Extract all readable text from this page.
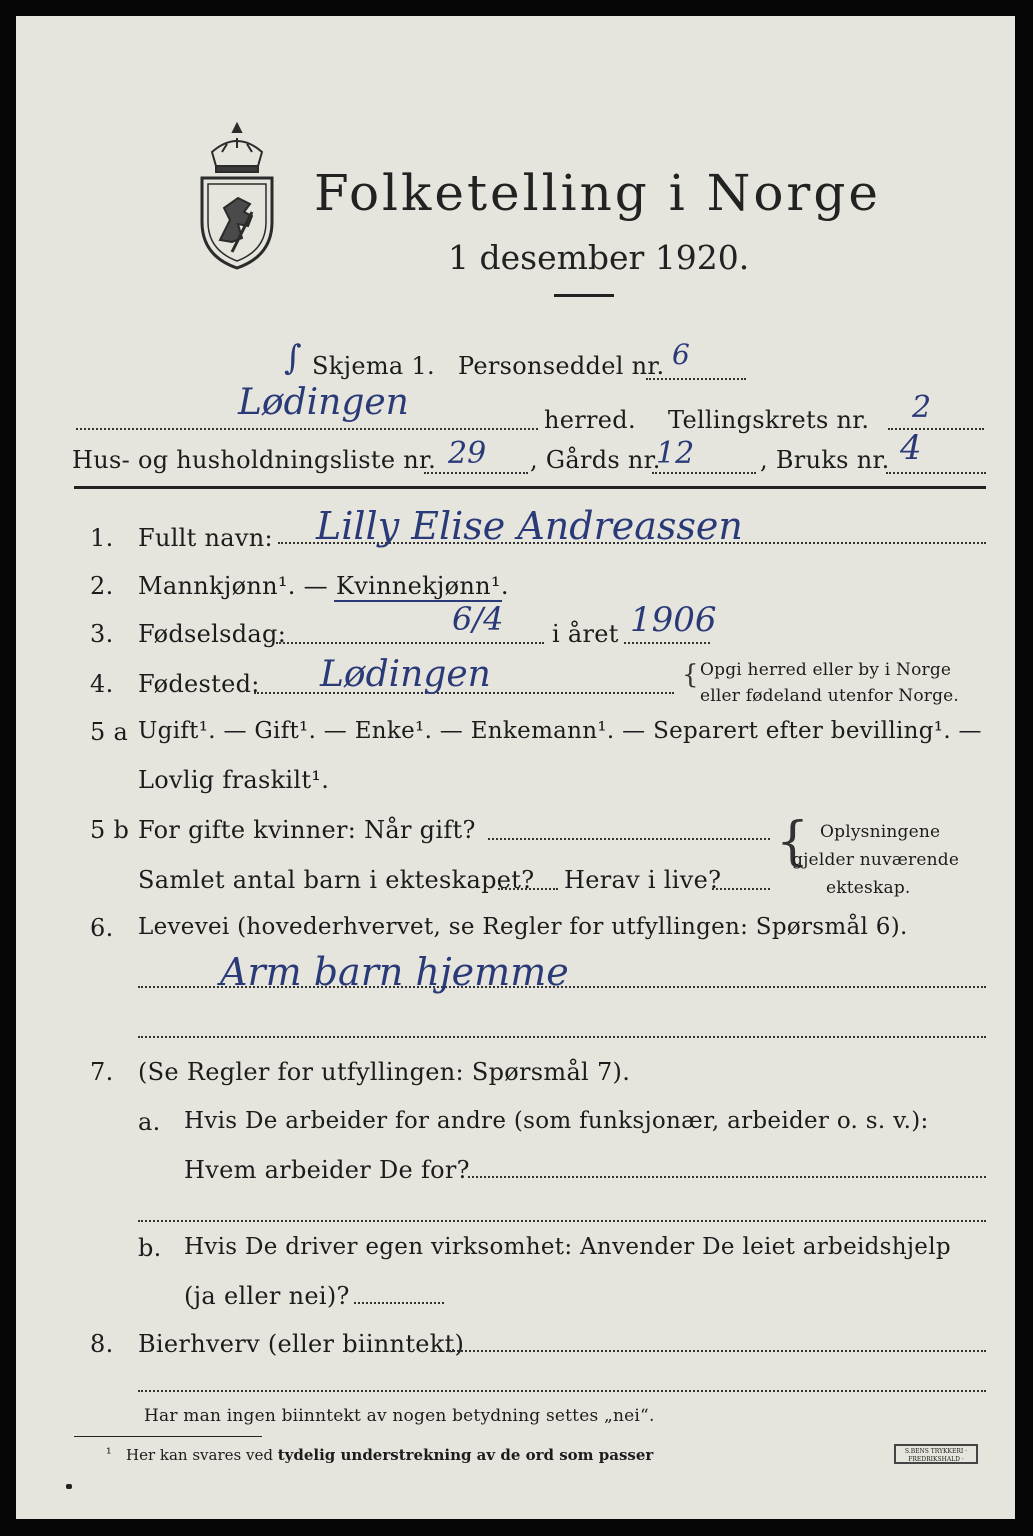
Folketelling i Norge
1 desember 1920.
∫ Skjema 1. Personseddel nr. 6
Lødingen	herred. Tellingskrets nr. 2
Hus- og husholdningsliste nr. 29 , Gårds nr.
12	, Bruks nr. 4
1. Fullt navn: Lilly Elise Andreassen
2. Mannkjønn¹. — Kvinnekjønn¹.
3. Fødselsdag:	6/4 i året 1906
4. Fødested: Lødingen	{ Opgi herred eller by i Norge
eller fødeland utenfor Norge.
5 a Ugift¹. — Gift¹. — Enke¹. — Enkemann¹. — Separert efter bevilling¹. —
Lovlig fraskilt¹.
5 b For gifte kvinner: Når gift?
Samlet antal barn i ekteskapet? Herav i live?
{ Oplysningene
gjelder nuværende
ekteskap.
6. Levevei (hovederhvervet, se Regler for utfyllingen: Spørsmål 6).
Arm barn hjemme
7. (Se Regler for utfyllingen: Spørsmål 7).
a. Hvis De arbeider for andre (som funksjonær, arbeider o. s. v.):
Hvem arbeider De for?
b. Hvis De driver egen virksomhet: Anvender De leiet arbeidshjelp
(ja eller nei)?
8. Bierhverv (eller biinntekt)
Har man ingen biinntekt av nogen betydning settes „nei“.
¹ Her kan svares ved tydelig understrekning av de ord som passer	S.BENS TRYKKERI · FREDRIKSHALD ·
